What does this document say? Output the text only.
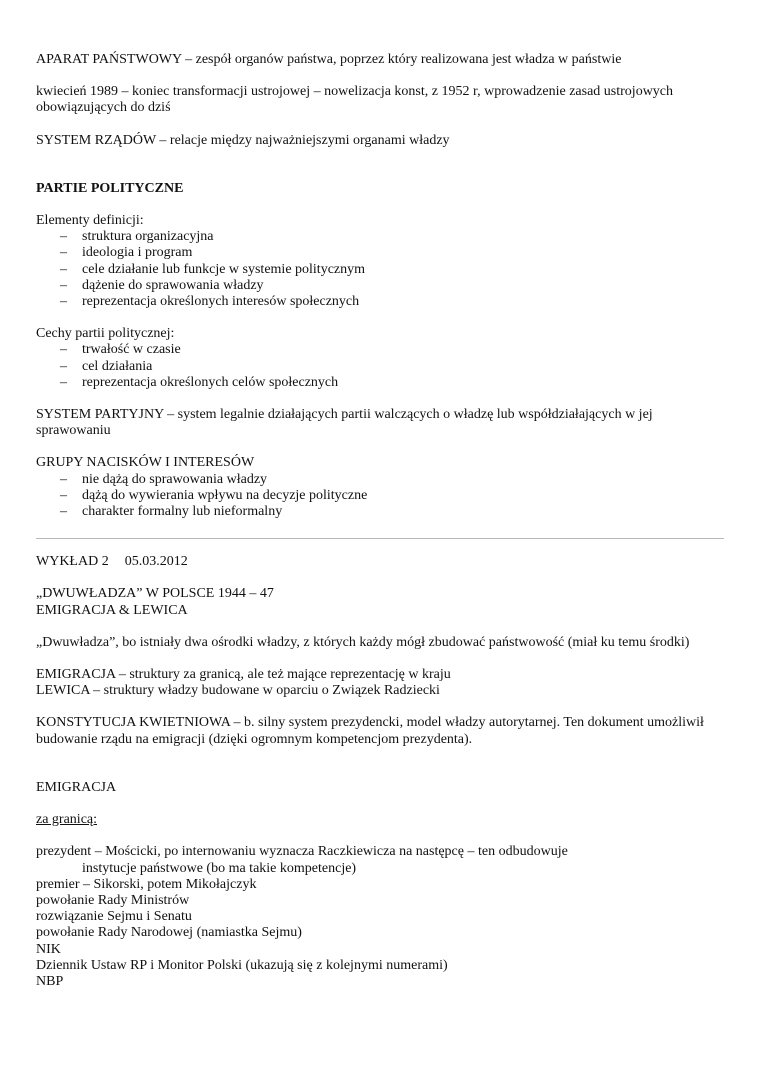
APARAT PAŃSTWOWY – zespół organów państwa, poprzez który realizowana jest władza w państwie

kwiecień 1989 – koniec transformacji ustrojowej – nowelizacja konst, z 1952 r, wprowadzenie zasad ustrojowych obowiązujących do dziś

SYSTEM RZĄDÓW – relacje między najważniejszymi organami władzy

PARTIE POLITYCZNE

Elementy definicji:

– struktura organizacyjna
– ideologia i program
– cele działanie lub funkcje w systemie politycznym
– dążenie do sprawowania władzy
– reprezentacja określonych interesów społecznych

Cechy partii politycznej:

– trwałość w czasie
– cel działania
– reprezentacja określonych celów społecznych

SYSTEM PARTYJNY – system legalnie działających partii walczących o władzę lub współdziałających w jej sprawowaniu

GRUPY NACISKÓW I INTERESÓW

– nie dążą do sprawowania władzy
– dążą do wywierania wpływu na decyzje polityczne
– charakter formalny lub nieformalny

WYKŁAD 2 05.03.2012

„DWUWŁADZA” W POLSCE 1944 – 47

EMIGRACJA & LEWICA

„Dwuwładza”, bo istniały dwa ośrodki władzy, z których każdy mógł zbudować państwowość (miał ku temu środki)

EMIGRACJA – struktury za granicą, ale też mające reprezentację w kraju

LEWICA – struktury władzy budowane w oparciu o Związek Radziecki

KONSTYTUCJA KWIETNIOWA – b. silny system prezydencki, model władzy autorytarnej. Ten dokument umożliwił budowanie rządu na emigracji (dzięki ogromnym kompetencjom prezydenta).

EMIGRACJA

za granicą:

prezydent – Mościcki, po internowaniu wyznacza Raczkiewicza na następcę – ten odbudowuje

instytucje państwowe (bo ma takie kompetencje)

premier – Sikorski, potem Mikołajczyk

powołanie Rady Ministrów

rozwiązanie Sejmu i Senatu

powołanie Rady Narodowej (namiastka Sejmu)

NIK

Dziennik Ustaw RP i Monitor Polski (ukazują się z kolejnymi numerami)

NBP
